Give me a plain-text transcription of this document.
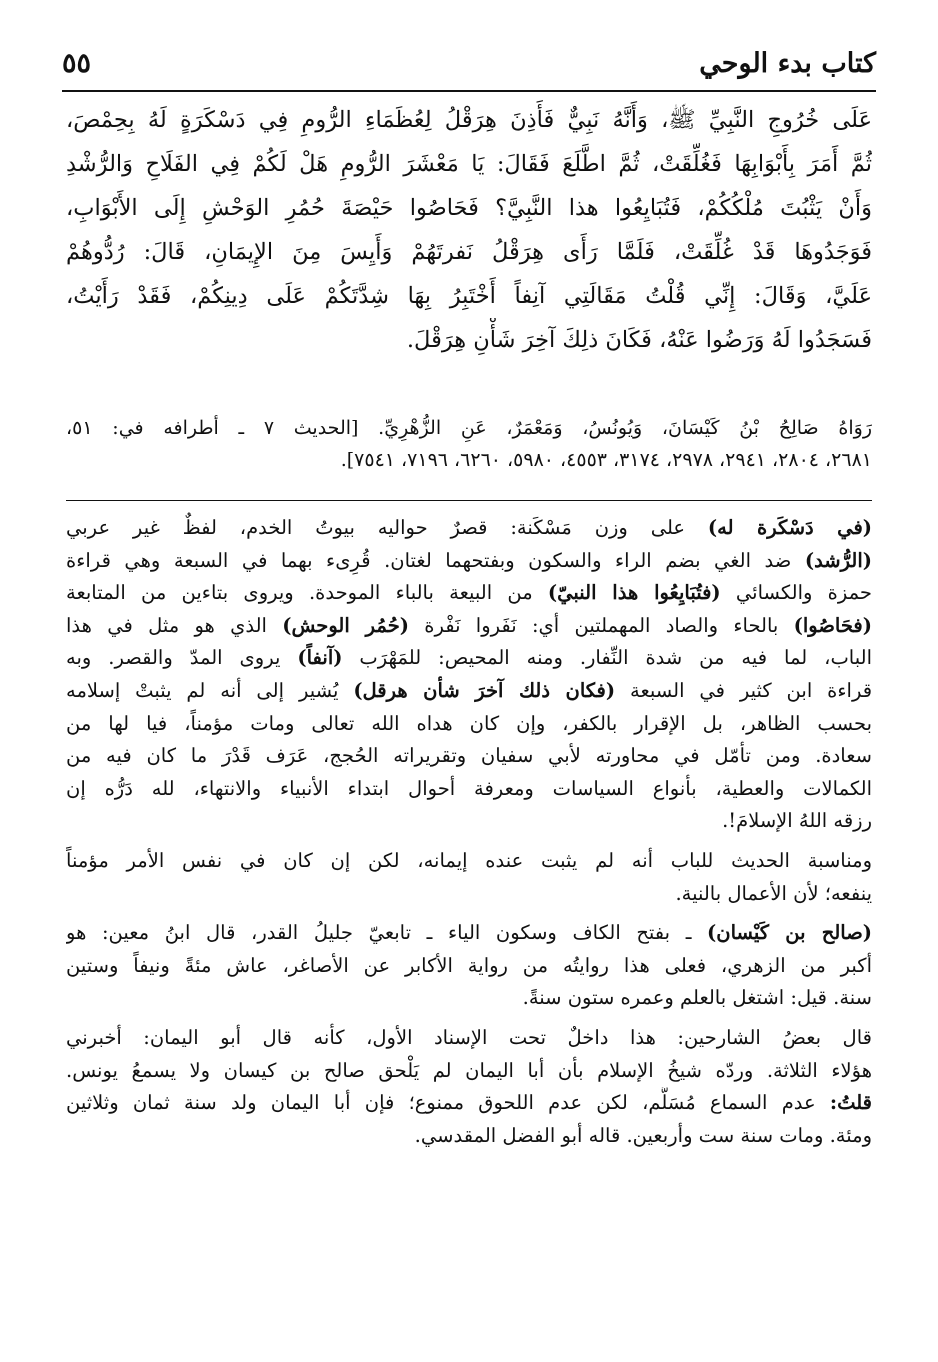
كتاب بدء الوحي
٥٥
عَلَى خُرُوجِ النَّبِيِّ ﷺ، وَأَنَّهُ نَبِيٌّ فَأَذِنَ هِرَقْلُ لِعُظَمَاءِ الرُّومِ فِي دَسْكَرَةٍ لَهُ بِحِمْصَ،
ثُمَّ أَمَرَ بِأَبْوَابِهَا فَغُلِّقَتْ، ثُمَّ اطَّلَعَ فَقَالَ: يَا مَعْشَرَ الرُّومِ هَلْ لَكُمْ فِي الفَلَاحِ وَالرُّشْدِ
وَأَنْ يَثْبُتَ مُلْكُكُمْ، فَتُبَايِعُوا هذا النَّبِيَّ؟ فَحَاصُوا حَيْصَةَ حُمُرِ الوَحْشِ إِلَى الأَبْوَابِ،
فَوَجَدُوهَا قَدْ غُلِّقَتْ، فَلَمَّا رَأَى هِرَقْلُ نَفرتَهُمْ وَأَيِسَ مِنَ الإِيمَانِ، قَالَ: رُدُّوهُمْ
عَلَيَّ، وَقَالَ: إِنِّي قُلْتُ مَقَالَتِي آنِفاً أَخْتَبِرُ بِهَا شِدَّتَكُمْ عَلَى دِينِكُمْ، فَقَدْ رَأَيْتُ،
فَسَجَدُوا لَهُ وَرَضُوا عَنْهُ، فَكَانَ ذلِكَ آخِرَ شَأْنِ هِرَقْلَ.
رَوَاهُ صَالِحُ بْنُ كَيْسَانَ، وَيُونُسُ، وَمَعْمَرٌ، عَنِ الزُّهْرِيِّ. [الحديث ٧ ـ أطرافه في: ٥١،
٢٦٨١، ٢٨٠٤، ٢٩٤١، ٢٩٧٨، ٣١٧٤، ٤٥٥٣، ٥٩٨٠، ٦٢٦٠، ٧١٩٦، ٧٥٤١].
(في دَسْكَرة له) على وزن مَسْكَنة: قصرٌ حواليه بيوتُ الخدم، لفظٌ غير عربي
(الرُّشد) ضد الغي بضم الراء والسكون وبفتحهما لغتان. قُرِىء بهما في السبعة وهي قراءة
حمزة والكسائي (فتُبَايِعُوا هذا النبيّ) من البيعة بالباء الموحدة. ويروى بتاءين من المتابعة
(فحَاصُوا) بالحاء والصاد المهملتين أي: نَفَروا نَفْرة (حُمُر الوحش) الذي هو مثل في هذا
الباب، لما فيه من شدة النِّفار. ومنه المحيص: للمَهْرَب (آنفاً) يروى المدّ والقصر. وبه
قراءة ابن كثير في السبعة (فكان ذلك آخرَ شأن هرقل) يُشير إلى أنه لم يثبتْ إسلامه
بحسب الظاهر، بل الإقرار بالكفر، وإن كان هداه الله تعالى ومات مؤمناً، فيا لها من
سعادة. ومن تأمّل في محاورته لأبي سفيان وتقريراته الحُجج، عَرَف قَدْرَ ما كان فيه من
الكمالات والعطية، بأنواع السياسات ومعرفة أحوال ابتداء الأنبياء والانتهاء، لله دَرُّه إن
رزقه اللهُ الإسلامَ!.
ومناسبة الحديث للباب أنه لم يثبت عنده إيمانه، لكن إن كان في نفس الأمر مؤمناً
ينفعه؛ لأن الأعمال بالنية.
(صالح بن كَيْسان) ـ بفتح الكاف وسكون الياء ـ تابعيّ جليلُ القدر، قال ابنُ معين: هو
أكبر من الزهري، فعلى هذا روايتُه من رواية الأكابر عن الأصاغر، عاش مئةً ونيفاً وستين
سنة. قيل: اشتغل بالعلم وعمره ستون سنةً.
قال بعضُ الشارحين: هذا داخلٌ تحت الإسناد الأول، كأنه قال أبو اليمان: أخبرني
هؤلاء الثلاثة. وردّه شيخُ الإسلام بأن أبا اليمان لم يَلْحق صالح بن كيسان ولا يسمعُ يونس.
قلتُ: عدم السماع مُسَلَّم، لكن عدم اللحوق ممنوع؛ فإن أبا اليمان ولد سنة ثمان وثلاثين
ومئة. ومات سنة ست وأربعين. قاله أبو الفضل المقدسي.
